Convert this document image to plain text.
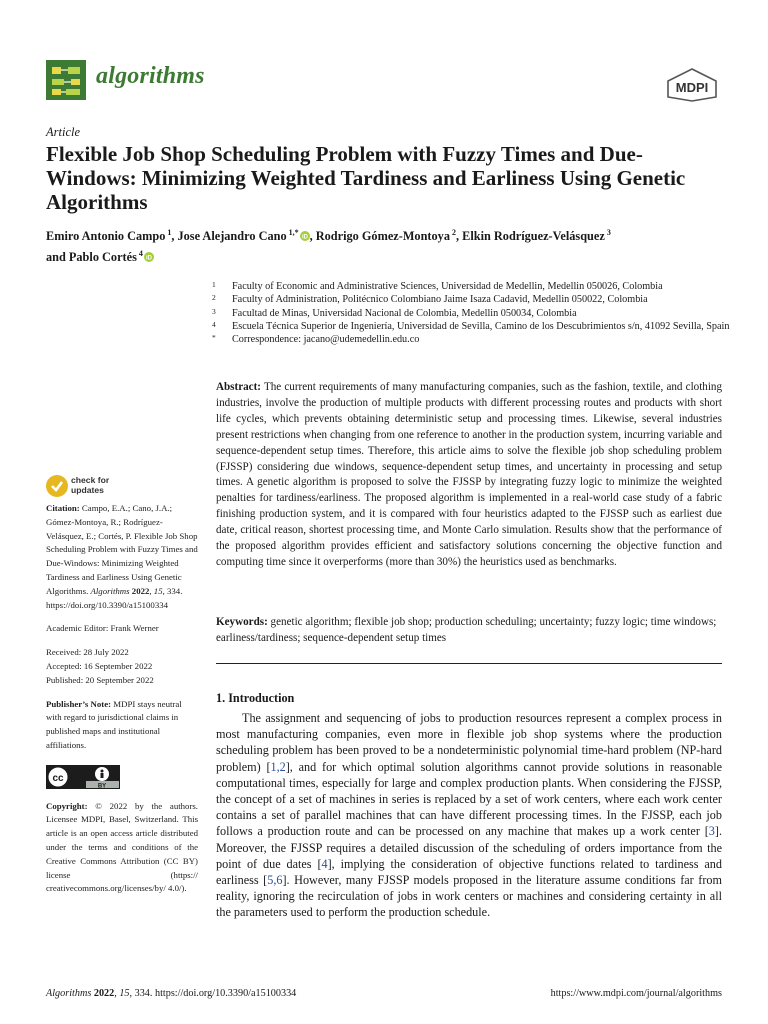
algorithms	MDPI
Article
Flexible Job Shop Scheduling Problem with Fuzzy Times and Due-Windows: Minimizing Weighted Tardiness and Earliness Using Genetic Algorithms
Emiro Antonio Campo $^1$, Jose Alejandro Cano $^{1,*}$
iD , Rodrigo Gómez-Montoya $^2$, Elkin Rodríguez-Velásquez $^3$
and Pablo Cortés $^4$
iD
1 Faculty of Economic and Administrative Sciences, Universidad de Medellin, Medellin 050026, Colombia
2 Faculty of Administration, Politécnico Colombiano Jaime Isaza Cadavid, Medellin 050022, Colombia
3 Facultad de Minas, Universidad Nacional de Colombia, Medellin 050034, Colombia
4 Escuela Técnica Superior de Ingeniería, Universidad de Sevilla, Camino de los Descubrimientos s/n, 41092 Sevilla, Spain
* Correspondence: jacano@udemedellin.edu.co
Abstract: The current requirements of many manufacturing companies, such as the fashion, textile, and clothing industries, involve the production of multiple products with different processing routes and products with short life cycles, which prevents obtaining deterministic setup and processing times. Likewise, several industries present restrictions when changing from one reference to another in the production system, incurring variable and sequence-dependent setup times. Therefore, this article aims to solve the flexible job shop scheduling problem (FJSSP) considering due windows, sequence-dependent setup times, and uncertainty in processing and setup times. A genetic algorithm is proposed to solve the FJSSP by integrating fuzzy logic to minimize the weighted penalties for tardiness/earliness. The proposed algorithm is implemented in a real-world case study of a fabric finishing production system, and it is compared with four heuristics adapted to the FJSSP such as earliest due date, critical reason, shortest processing time, and Monte Carlo simulation. Results show that the performance of the proposed algorithm provides efficient and satisfactory solutions concerning the objective function and computing time since it overperforms (more than 30%) the heuristics used as benchmarks.
Keywords: genetic algorithm; flexible job shop; production scheduling; uncertainty; fuzzy logic; time windows; earliness/tardiness; sequence-dependent setup times
check for
updates

Citation: Campo, E.A.; Cano, J.A.; Gómez-Montoya, R.; Rodríguez-Velásquez, E.; Cortés, P. Flexible Job Shop Scheduling Problem with Fuzzy Times and Due-Windows: Minimizing Weighted Tardiness and Earliness Using Genetic Algorithms. Algorithms 2022, 15, 334. https://doi.org/10.3390/a15100334

Academic Editor: Frank Werner

Received: 28 July 2022

Accepted: 16 September 2022

Published: 20 September 2022

Publisher’s Note: MDPI stays neutral with regard to jurisdictional claims in published maps and institutional affiliations.

cc
BY

Copyright: © 2022 by the authors. Licensee MDPI, Basel, Switzerland. This article is an open access article distributed under the terms and conditions of the Creative Commons Attribution (CC BY) license (https:// creativecommons.org/licenses/by/ 4.0/).

1. Introduction

The assignment and sequencing of jobs to production resources represent a complex process in most manufacturing companies, even more in flexible job shop systems where the production scheduling problem has been proved to be a nondeterministic polynomial time-hard problem (NP-hard problem) [1,2], and for which optimal solution algorithms cannot provide solutions in reasonable computational times, especially for large and complex production plants. When considering the FJSSP, the concept of a set of machines in series is replaced by a set of work centers, where each work center contains a set of parallel machines that can have different processing times. In the FJSSP, each job follows a production route and can be processed on any machine that makes up a work center [3]. Moreover, the FJSSP requires a detailed discussion of the scheduling of orders importance from the point of due dates [4], implying the consideration of objective functions related to tardiness and earliness [5,6]. However, many FJSSP models proposed in the literature assume conditions far from reality, ignoring the recirculation of jobs in work centers or machines and considering certainty in all the parameters used to perform the production schedule.

Algorithms 2022, 15, 334. https://doi.org/10.3390/a15100334	https://www.mdpi.com/journal/algorithms
